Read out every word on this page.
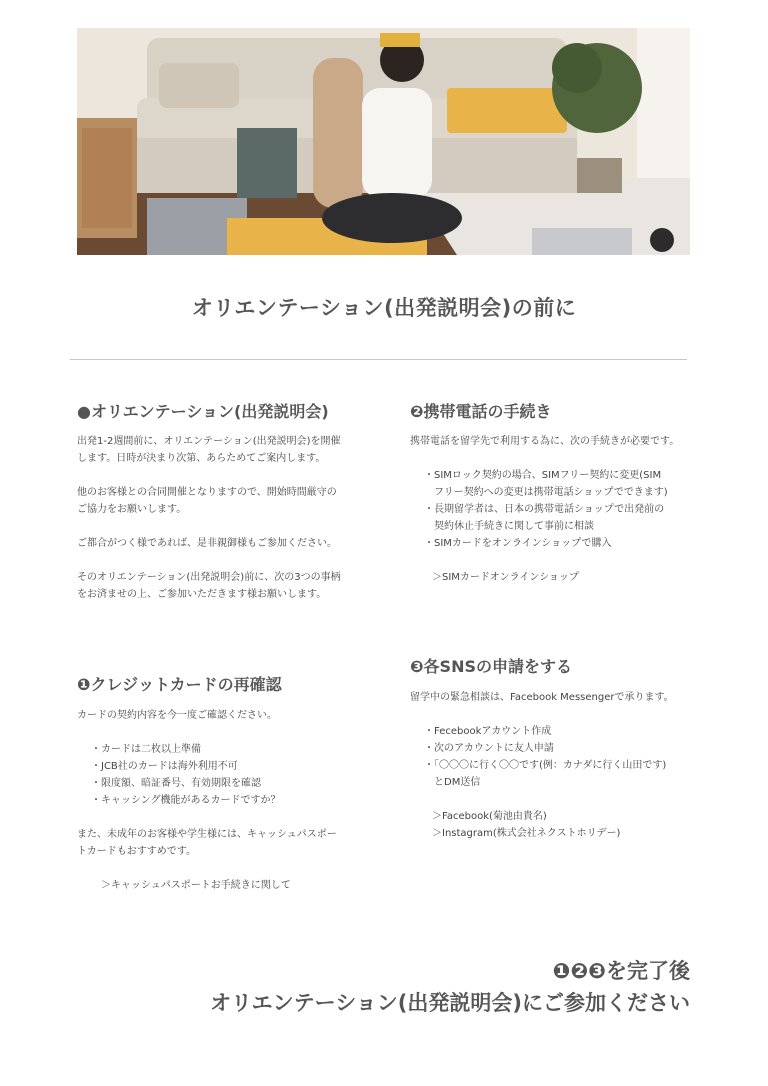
オリエンテーション(出発説明会)の前に
●オリエンテーション(出発説明会)

出発1-2週間前に、オリエンテーション(出発説明会)を開催

します。日時が決まり次第、あらためてご案内します。

他のお客様との合同開催となりますので、開始時間厳守の

ご協力をお願いします。

ご都合がつく様であれば、是非親御様もご参加ください。

そのオリエンテーション(出発説明会)前に、次の3つの事柄

をお済ませの上、ご参加いただきます様お願いします。

❷携帯電話の手続き

携帯電話を留学先で利用する為に、次の手続きが必要です。

・SIMロック契約の場合、SIMフリー契約に変更(SIM

　フリー契約への変更は携帯電話ショップでできます)

・長期留学者は、日本の携帯電話ショップで出発前の

　契約休止手続きに関して事前に相談

・SIMカードをオンラインショップで購入

＞SIMカードオンラインショップ

❶クレジットカードの再確認

カードの契約内容を今一度ご確認ください。

・カードは二枚以上準備

・JCB社のカードは海外利用不可

・限度額、暗証番号、有効期限を確認

・キャッシング機能があるカードですか？

また、未成年のお客様や学生様には、キャッシュパスポー

トカードもおすすめです。

＞キャッシュパスポートお手続きに関して

❸各SNSの申請をする

留学中の緊急相談は、Facebook Messengerで承ります。

・Fecebookアカウント作成

・次のアカウントに友人申請

・「〇〇〇に行く〇〇です(例：カナダに行く山田です)

　とDM送信

＞Facebook(菊池由貴名)

＞Instagram(株式会社ネクストホリデー)

❶❷❸を完了後
オリエンテーション(出発説明会)にご参加ください
